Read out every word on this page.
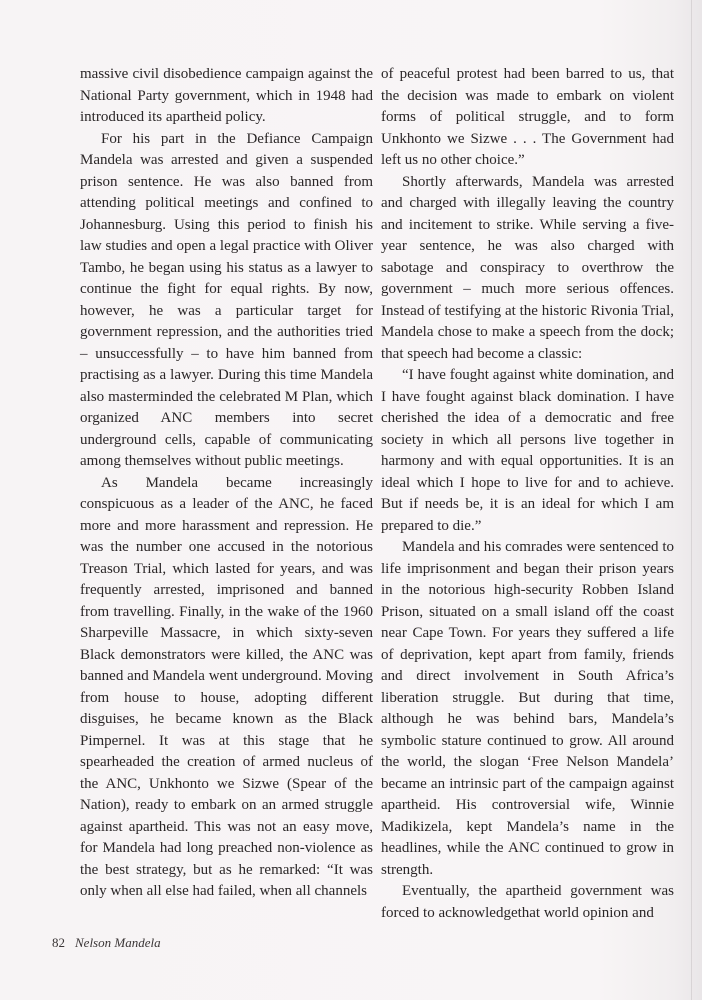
massive civil disobedience campaign against the National Party government, which in 1948 had introduced its apartheid policy.

For his part in the Defiance Campaign Mandela was arrested and given a suspended prison sentence. He was also banned from attending political meetings and confined to Johannesburg. Using this period to finish his law studies and open a legal practice with Oliver Tambo, he began using his status as a lawyer to continue the fight for equal rights. By now, however, he was a particular target for government repression, and the authorities tried – unsuccessfully – to have him banned from practising as a lawyer. During this time Mandela also masterminded the celebrated M Plan, which organized ANC members into secret underground cells, capable of communicating among themselves without public meetings.

As Mandela became increasingly conspicuous as a leader of the ANC, he faced more and more harassment and repression. He was the number one accused in the notorious Treason Trial, which lasted for years, and was frequently arrested, imprisoned and banned from travelling. Finally, in the wake of the 1960 Sharpeville Massacre, in which sixty-seven Black demonstrators were killed, the ANC was banned and Mandela went underground. Moving from house to house, adopting different disguises, he became known as the Black Pimpernel. It was at this stage that he spearheaded the creation of armed nucleus of the ANC, Unkhonto we Sizwe (Spear of the Nation), ready to embark on an armed struggle against apartheid. This was not an easy move, for Mandela had long preached non-violence as the best strategy, but as he remarked: “It was only when all else had failed, when all channels

of peaceful protest had been barred to us, that the decision was made to embark on violent forms of political struggle, and to form Unkhonto we Sizwe . . . The Government had left us no other choice.”

Shortly afterwards, Mandela was arrested and charged with illegally leaving the country and incitement to strike. While serving a five-year sentence, he was also charged with sabotage and conspiracy to overthrow the government – much more serious offences. Instead of testifying at the historic Rivonia Trial, Mandela chose to make a speech from the dock; that speech had become a classic:

“I have fought against white domination, and I have fought against black domination. I have cherished the idea of a democratic and free society in which all persons live together in harmony and with equal opportunities. It is an ideal which I hope to live for and to achieve. But if needs be, it is an ideal for which I am prepared to die.”

Mandela and his comrades were sentenced to life imprisonment and began their prison years in the notorious high-security Robben Island Prison, situated on a small island off the coast near Cape Town. For years they suffered a life of deprivation, kept apart from family, friends and direct involvement in South Africa’s liberation struggle. But during that time, although he was behind bars, Mandela’s symbolic stature continued to grow. All around the world, the slogan ‘Free Nelson Mandela’ became an intrinsic part of the campaign against apartheid. His controversial wife, Winnie Madikizela, kept Mandela’s name in the headlines, while the ANC continued to grow in strength.

Eventually, the apartheid government was forced to acknowledgethat world opinion and

82 Nelson Mandela
